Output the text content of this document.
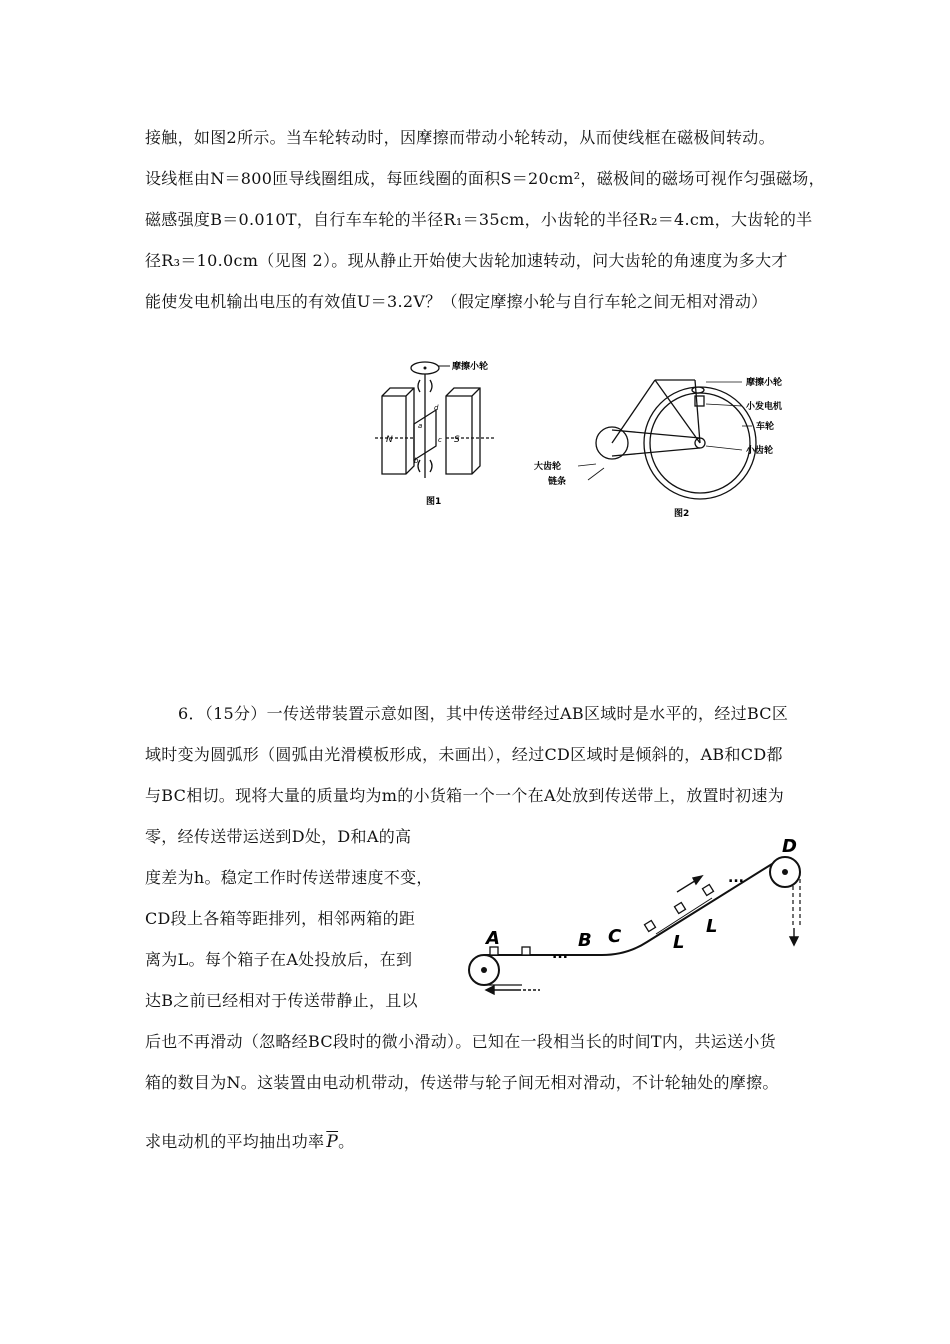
接触，如图2所示。当车轮转动时，因摩擦而带动小轮转动，从而使线框在磁极间转动。
设线框由N＝800匝导线圈组成，每匝线圈的面积S＝20cm²，磁极间的磁场可视作匀强磁场，
磁感强度B＝0.010T，自行车车轮的半径R₁＝35cm，小齿轮的半径R₂＝4.cm，大齿轮的半
径R₃＝10.0cm（见图 2）。现从静止开始使大齿轮加速转动，问大齿轮的角速度为多大才
能使发电机输出电压的有效值U＝3.2V？（假定摩擦小轮与自行车轮之间无相对滑动）
摩擦小轮
N	S
a
b
c
d
图1
摩擦小轮
小发电机
车轮
小齿轮
大齿轮
链条
图2
6．（15分）一传送带装置示意如图，其中传送带经过AB区域时是水平的，经过BC区
域时变为圆弧形（圆弧由光滑模板形成，未画出），经过CD区域时是倾斜的，AB和CD都
与BC相切。现将大量的质量均为m的小货箱一个一个在A处放到传送带上，放置时初速为
零，经传送带运送到D处，D和A的高
度差为h。稳定工作时传送带速度不变，
CD段上各箱等距排列，相邻两箱的距
离为L。每个箱子在A处投放后，在到
达B之前已经相对于传送带静止，且以
后也不再滑动（忽略经BC段时的微小滑动）。已知在一段相当长的时间T内，共运送小货
箱的数目为N。这装置由电动机带动，传送带与轮子间无相对滑动，不计轮轴处的摩擦。
求电动机的平均抽出功率 $\overline{P}$。
...
...
A	B C
D
L
L
